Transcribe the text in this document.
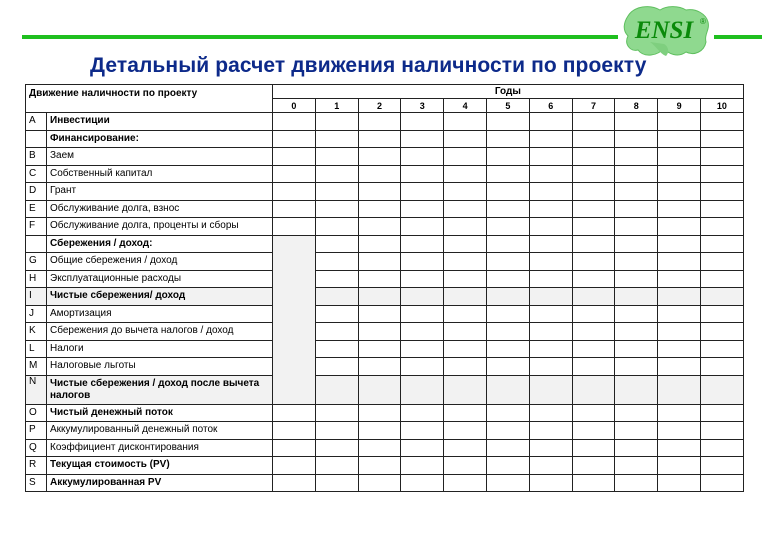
ENSI ®
Детальный расчет движения наличности по проекту
Движение наличности по проекту		Годы										
		0	1	2	3	4	5	6	7	8	9	10
A	Инвестиции											
	Финансирование:											
B	Заем											
C	Собственный капитал											
D	Грант											
E	Обслуживание долга, взнос											
F	Обслуживание долга, проценты и сборы											
	Сбережения / доход:											
G	Общие сбережения / доход											
H	Эксплуатационные расходы											
I	Чистые сбережения/ доход											
J	Амортизация											
K	Сбережения до вычета налогов / доход											
L	Налоги											
M	Налоговые льготы											
N	Чистые сбережения / доход после вычета налогов											
O	Чистый денежный поток											
P	Аккумулированный денежный поток											
Q	Коэффициент дисконтирования											
R	Текущая стоимость (PV)											
S	Аккумулированная PV											
